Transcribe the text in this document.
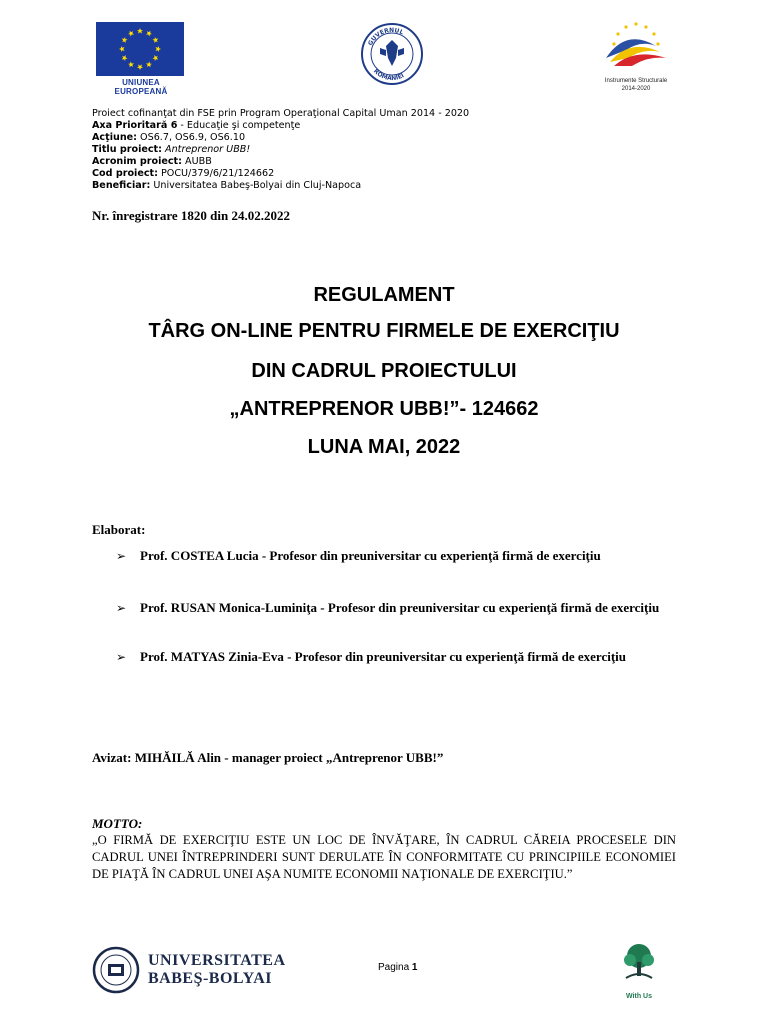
UNIUNEA EUROPEANĂ
GUVERNUL
ROMÂNIEI
Instrumente Structurale
2014-2020
Proiect cofinanţat din FSE prin Program Operaţional Capital Uman 2014 - 2020
Axa Prioritară 6 - Educaţie şi competenţe
Acţiune: OS6.7, OS6.9, OS6.10
Titlu proiect: Antreprenor UBB!
Acronim proiect: AUBB
Cod proiect: POCU/379/6/21/124662
Beneficiar: Universitatea Babeş-Bolyai din Cluj-Napoca
Nr. înregistrare 1820 din 24.02.2022
REGULAMENT
TÂRG ON-LINE PENTRU FIRMELE DE EXERCIŢIU
DIN CADRUL PROIECTULUI
„ANTREPRENOR UBB!”- 124662
LUNA MAI, 2022
Elaborat:
➢ Prof. COSTEA Lucia - Profesor din preuniversitar cu experienţă firmă de exerciţiu
➢ Prof. RUSAN Monica-Luminiţa - Profesor din preuniversitar cu experienţă firmă de exerciţiu
➢ Prof. MATYAS Zinia-Eva - Profesor din preuniversitar cu experienţă firmă de exerciţiu
Avizat: MIHĂILĂ Alin - manager proiect „Antreprenor UBB!”
MOTTO:
„O FIRMĂ DE EXERCIŢIU ESTE UN LOC DE ÎNVĂŢARE, ÎN CADRUL CĂREIA PROCESELE DIN CADRUL UNEI ÎNTREPRINDERI SUNT DERULATE ÎN CONFORMITATE CU PRINCIPIILE ECONOMIEI DE PIAŢĂ ÎN CADRUL UNEI AŞA NUMITE ECONOMII NAŢIONALE DE EXERCIŢIU.”
UNIVERSITATEA
BABEŞ-BOLYAI
Pagina 1
With Us
